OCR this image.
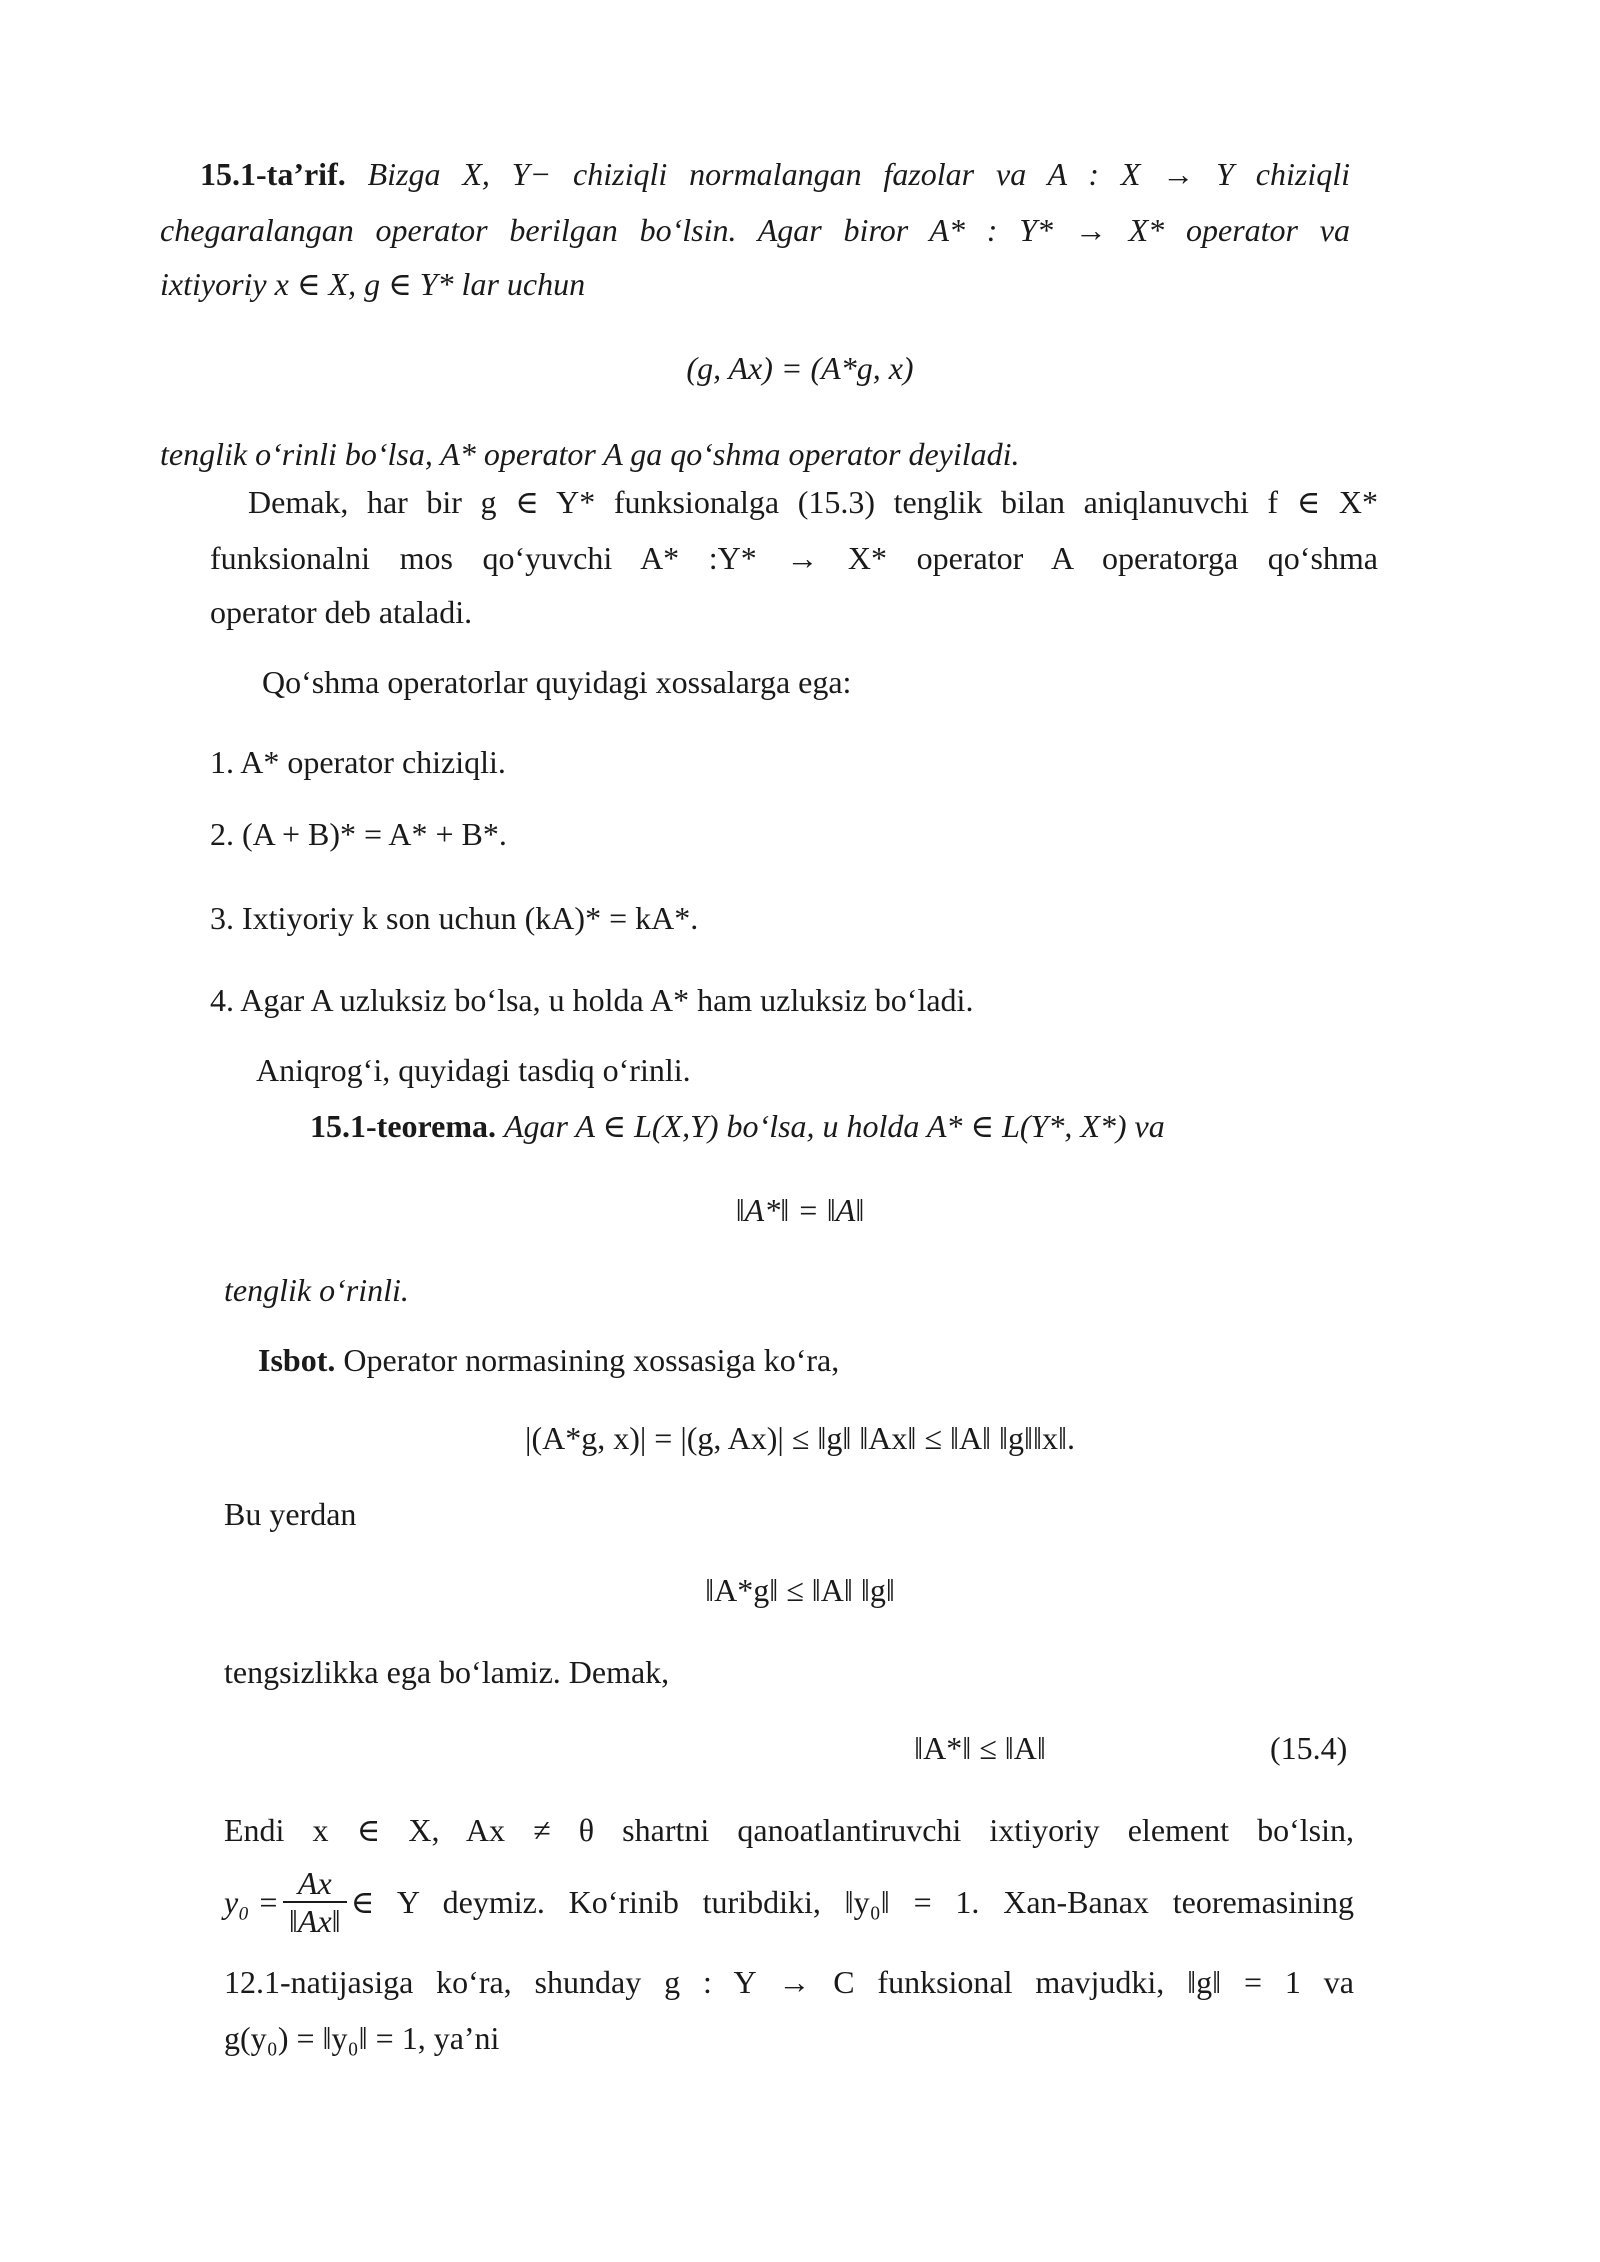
15.1-ta’rif. Bizga X, Y− chiziqli normalangan fazolar va A : X → Y chiziqli
chegaralangan operator berilgan bo‘lsin. Agar biror A* : Y* → X* operator va
ixtiyoriy x ∈ X, g ∈ Y* lar uchun
(g, Ax) = (A*g, x)
tenglik o‘rinli bo‘lsa, A* operator A ga qo‘shma operator deyiladi.
Demak, har bir g ∈ Y* funksionalga (15.3) tenglik bilan aniqlanuvchi f ∈ X*
funksionalni mos qo‘yuvchi A* :Y* → X* operator A operatorga qo‘shma
operator deb ataladi.
Qo‘shma operatorlar quyidagi xossalarga ega:
1. A* operator chiziqli.
2. (A + B)* = A* + B*.
3. Ixtiyoriy k son uchun (kA)* = kA*.
4. Agar A uzluksiz bo‘lsa, u holda A* ham uzluksiz bo‘ladi.
Aniqrog‘i, quyidagi tasdiq o‘rinli.
15.1-teorema. Agar A ∈ L(X,Y) bo‘lsa, u holda A* ∈ L(Y*, X*) va
‖A*‖ = ‖A‖
tenglik o‘rinli.
Isbot. Operator normasining xossasiga ko‘ra,
|(A*g, x)| = |(g, Ax)| ≤ ‖g‖ ‖Ax‖ ≤ ‖A‖ ‖g‖‖x‖.
Bu yerdan
‖A*g‖ ≤ ‖A‖ ‖g‖
tengsizlikka ega bo‘lamiz. Demak,
‖A*‖ ≤ ‖A‖	(15.4)
Endi x ∈ X, Ax ≠ θ shartni qanoatlantiruvchi ixtiyoriy element bo‘lsin,
$y_0 = \frac{Ax}{‖Ax‖}$ ∈ Y deymiz. Ko‘rinib turibdiki, ‖y₀‖ = 1. Xan-Banax teoremasining
12.1-natijasiga ko‘ra, shunday g : Y → C funksional mavjudki, ‖g‖ = 1 va
g(y₀) = ‖y₀‖ = 1, ya’ni
